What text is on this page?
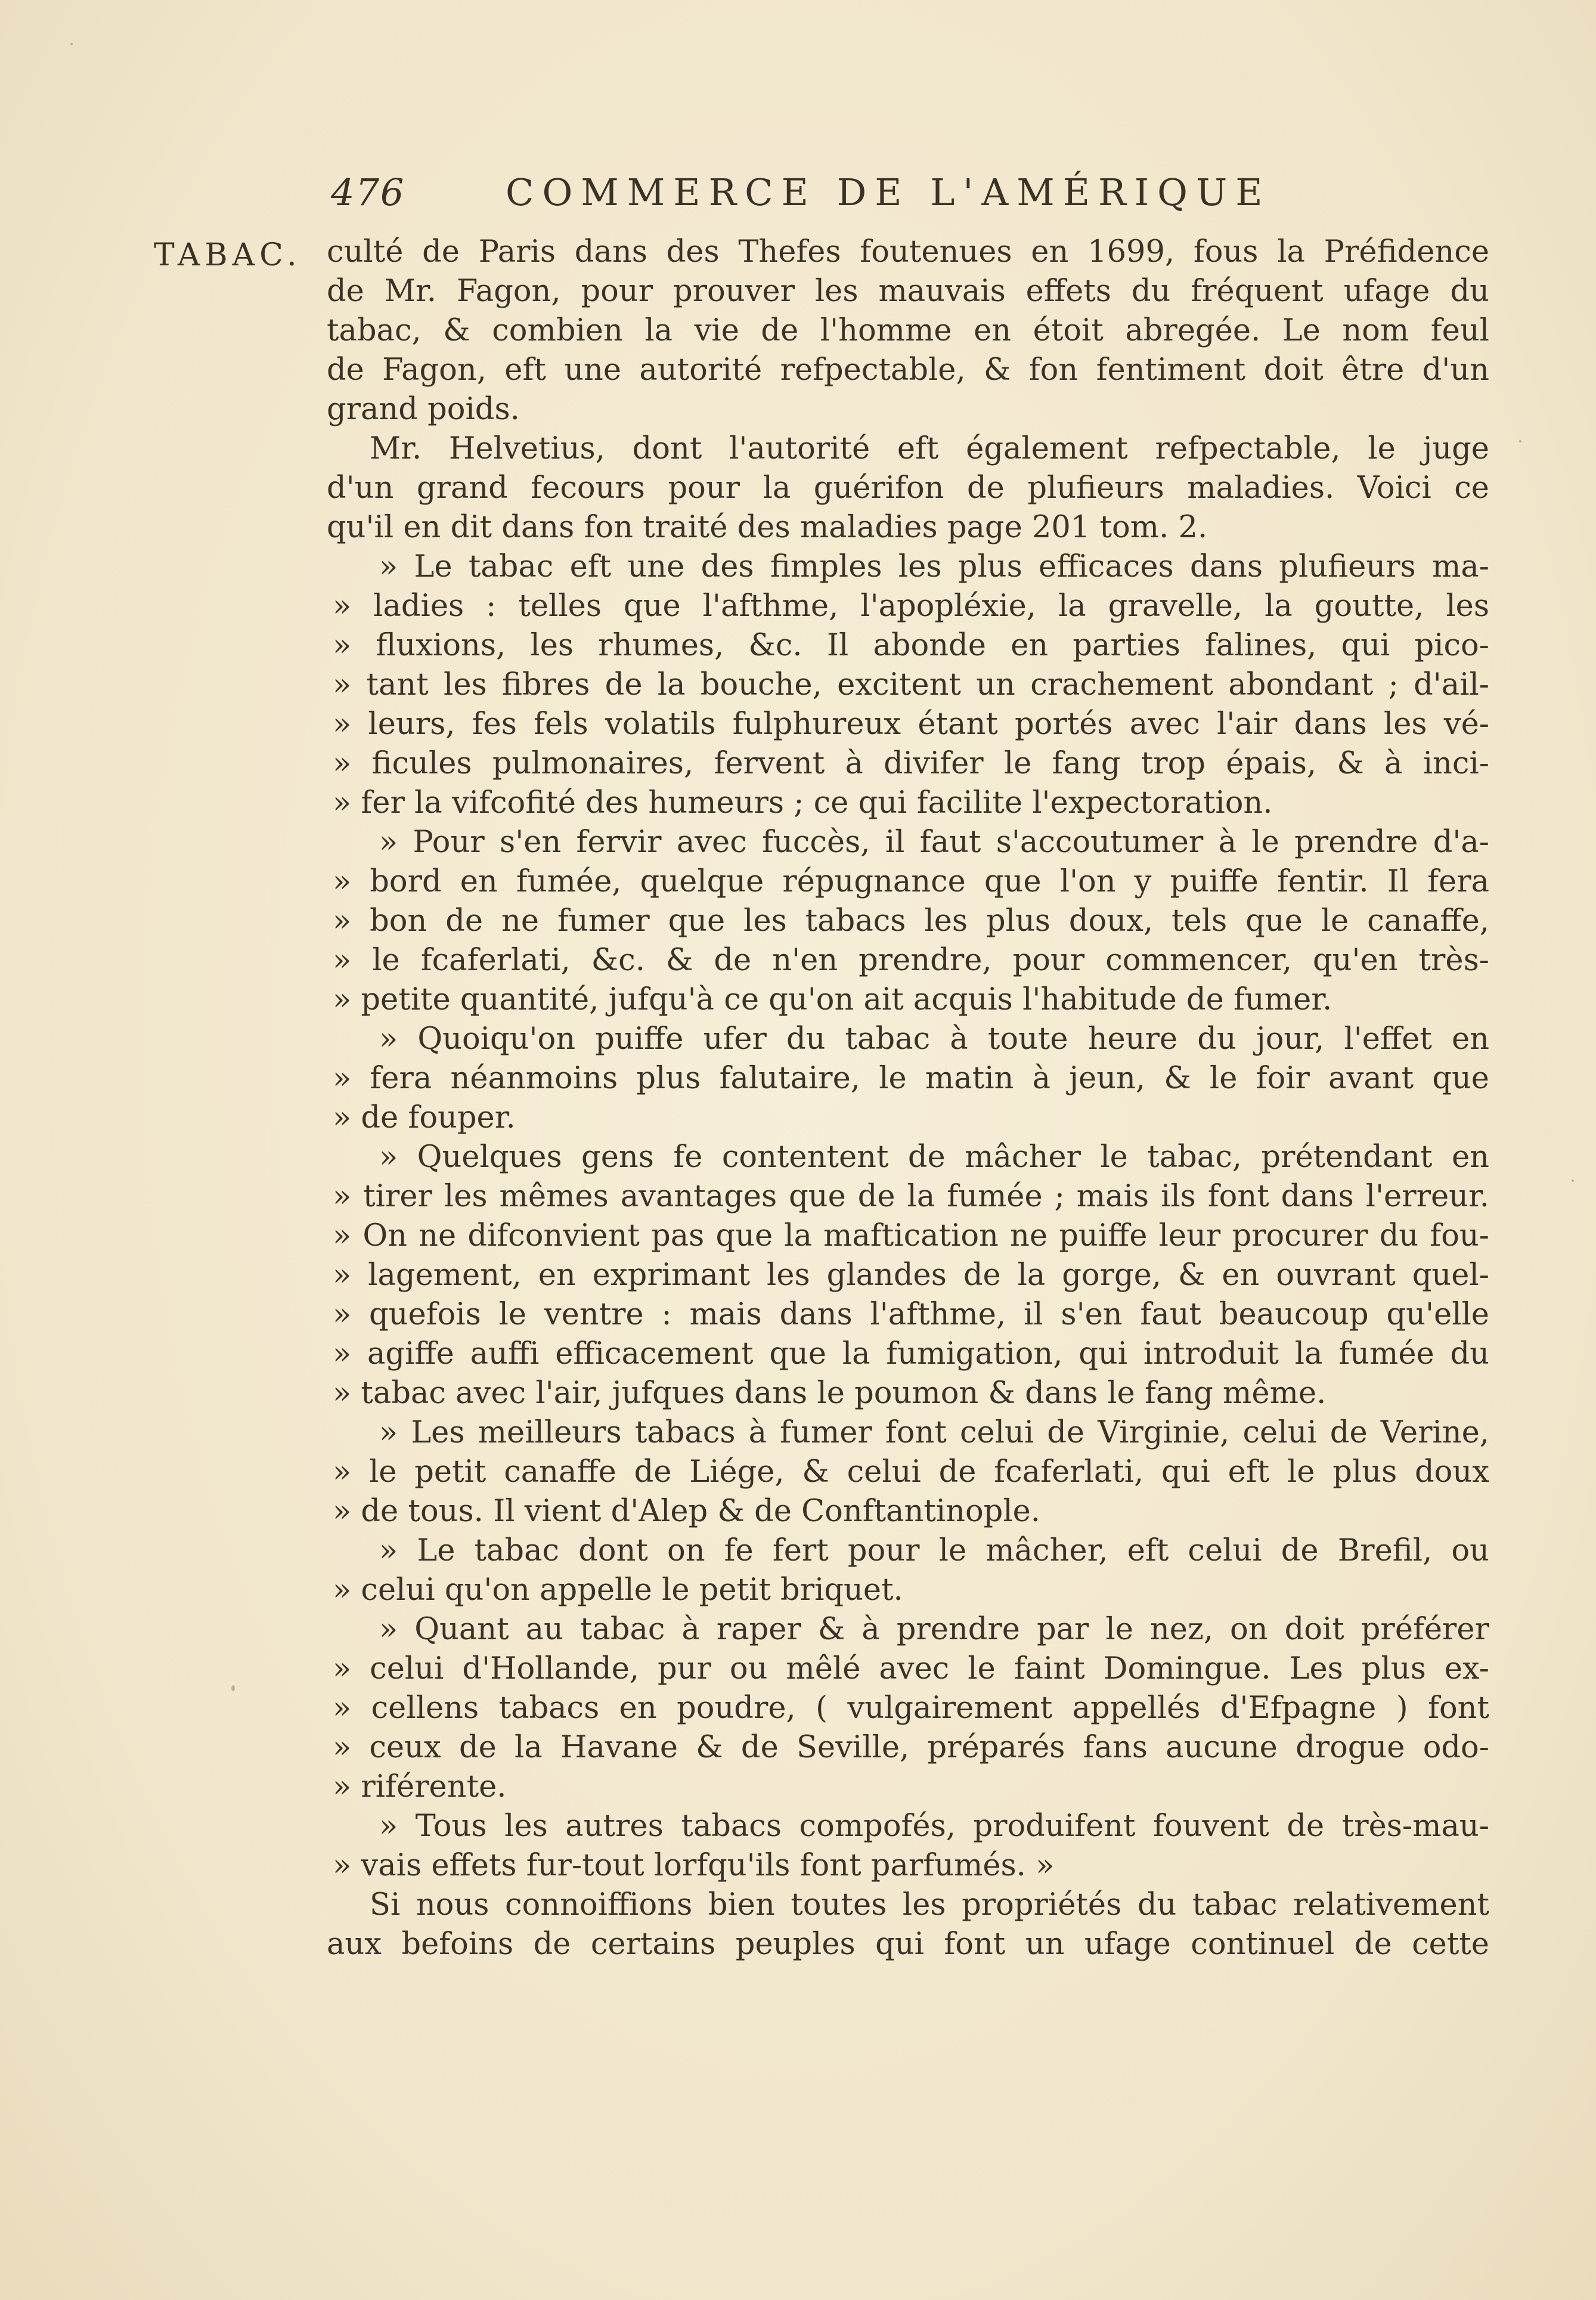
476	COMMERCE DE L'AMÉRIQUE
TABAC. culté de Paris dans des Thefes foutenues en 1699, fous la Préfidence
de Mr. Fagon, pour prouver les mauvais effets du fréquent ufage du
tabac, & combien la vie de l'homme en étoit abregée. Le nom feul
de Fagon, eft une autorité refpectable, & fon fentiment doit être d'un
grand poids.
Mr. Helvetius, dont l'autorité eft également refpectable, le juge
d'un grand fecours pour la guérifon de plufieurs maladies. Voici ce
qu'il en dit dans fon traité des maladies page 201 tom. 2.
» Le tabac eft une des fimples les plus efficaces dans plufieurs ma-
» ladies : telles que l'afthme, l'apopléxie, la gravelle, la goutte, les
» fluxions, les rhumes, &c. Il abonde en parties falines, qui pico-
» tant les fibres de la bouche, excitent un crachement abondant ; d'ail-
» leurs, fes fels volatils fulphureux étant portés avec l'air dans les vé-
» ficules pulmonaires, fervent à divifer le fang trop épais, & à inci-
» fer la vifcofité des humeurs ; ce qui facilite l'expectoration.
» Pour s'en fervir avec fuccès, il faut s'accoutumer à le prendre d'a-
» bord en fumée, quelque répugnance que l'on y puiffe fentir. Il fera
» bon de ne fumer que les tabacs les plus doux, tels que le canaffe,
» le fcaferlati, &c. & de n'en prendre, pour commencer, qu'en très-
» petite quantité, jufqu'à ce qu'on ait acquis l'habitude de fumer.
» Quoiqu'on puiffe ufer du tabac à toute heure du jour, l'effet en
» fera néanmoins plus falutaire, le matin à jeun, & le foir avant que
» de fouper.
» Quelques gens fe contentent de mâcher le tabac, prétendant en
» tirer les mêmes avantages que de la fumée ; mais ils font dans l'erreur.
» On ne difconvient pas que la maftication ne puiffe leur procurer du fou-
» lagement, en exprimant les glandes de la gorge, & en ouvrant quel-
» quefois le ventre : mais dans l'afthme, il s'en faut beaucoup qu'elle
» agiffe auffi efficacement que la fumigation, qui introduit la fumée du
» tabac avec l'air, jufques dans le poumon & dans le fang même.
» Les meilleurs tabacs à fumer font celui de Virginie, celui de Verine,
» le petit canaffe de Liége, & celui de fcaferlati, qui eft le plus doux
» de tous. Il vient d'Alep & de Conftantinople.
» Le tabac dont on fe fert pour le mâcher, eft celui de Brefil, ou
» celui qu'on appelle le petit briquet.
» Quant au tabac à raper & à prendre par le nez, on doit préférer
» celui d'Hollande, pur ou mêlé avec le faint Domingue. Les plus ex-
» cellens tabacs en poudre, ( vulgairement appellés d'Efpagne ) font
» ceux de la Havane & de Seville, préparés fans aucune drogue odo-
» riférente.
» Tous les autres tabacs compofés, produifent fouvent de très-mau-
» vais effets fur-tout lorfqu'ils font parfumés. »
Si nous connoiffions bien toutes les propriétés du tabac relativement
aux befoins de certains peuples qui font un ufage continuel de cette
